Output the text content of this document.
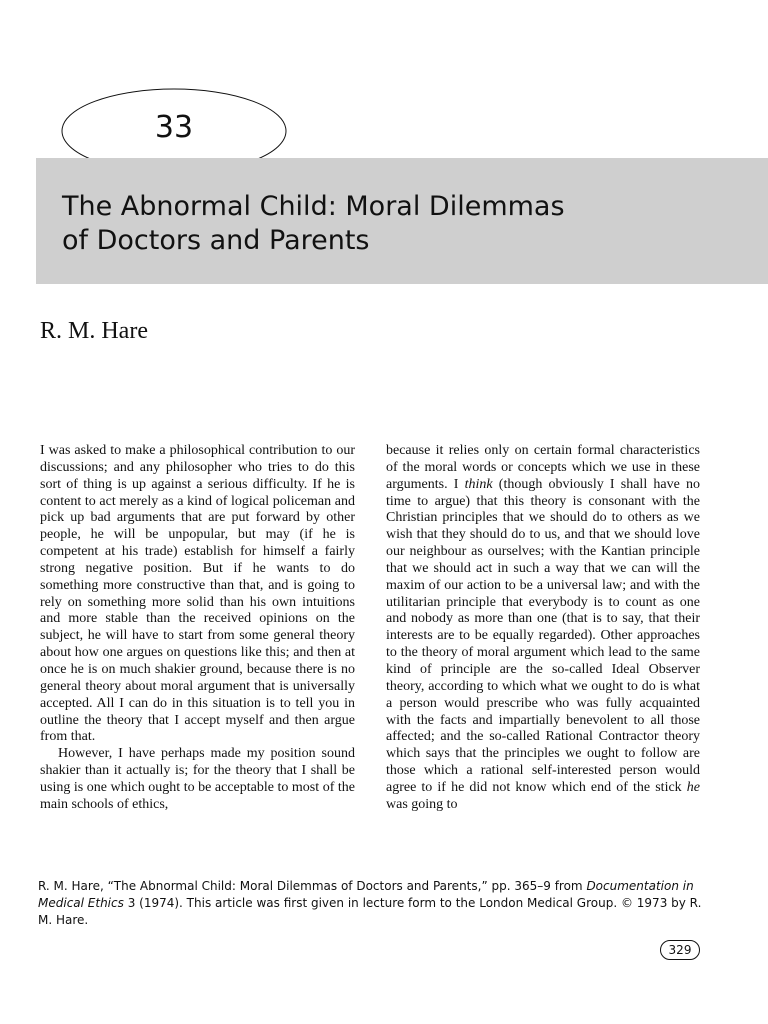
33
The Abnormal Child: Moral Dilemmas
of Doctors and Parents
R. M. Hare

I was asked to make a philosophical contribution to our discussions; and any philosopher who tries to do this sort of thing is up against a serious difficulty. If he is content to act merely as a kind of logical policeman and pick up bad arguments that are put forward by other people, he will be unpopular, but may (if he is competent at his trade) establish for himself a fairly strong negative position. But if he wants to do something more constructive than that, and is going to rely on something more solid than his own intuitions and more stable than the received opinions on the subject, he will have to start from some general theory about how one argues on questions like this; and then at once he is on much shakier ground, because there is no general theory about moral argument that is universally accepted. All I can do in this situation is to tell you in outline the theory that I accept myself and then argue from that.

However, I have perhaps made my position sound shakier than it actually is; for the theory that I shall be using is one which ought to be acceptable to most of the main schools of ethics,

because it relies only on certain formal characteristics of the moral words or concepts which we use in these arguments. I think (though obviously I shall have no time to argue) that this theory is consonant with the Christian principles that we should do to others as we wish that they should do to us, and that we should love our neighbour as ourselves; with the Kantian principle that we should act in such a way that we can will the maxim of our action to be a universal law; and with the utilitarian principle that everybody is to count as one and nobody as more than one (that is to say, that their interests are to be equally regarded). Other approaches to the theory of moral argument which lead to the same kind of principle are the so-called Ideal Observer theory, according to which what we ought to do is what a person would prescribe who was fully acquainted with the facts and impartially benevolent to all those affected; and the so-called Rational Contractor theory which says that the principles we ought to follow are those which a rational self-interested person would agree to if he did not know which end of the stick he was going to

R. M. Hare, “The Abnormal Child: Moral Dilemmas of Doctors and Parents,” pp. 365–9 from Documentation in Medical Ethics 3 (1974). This article was first given in lecture form to the London Medical Group. © 1973 by R. M. Hare.
329
